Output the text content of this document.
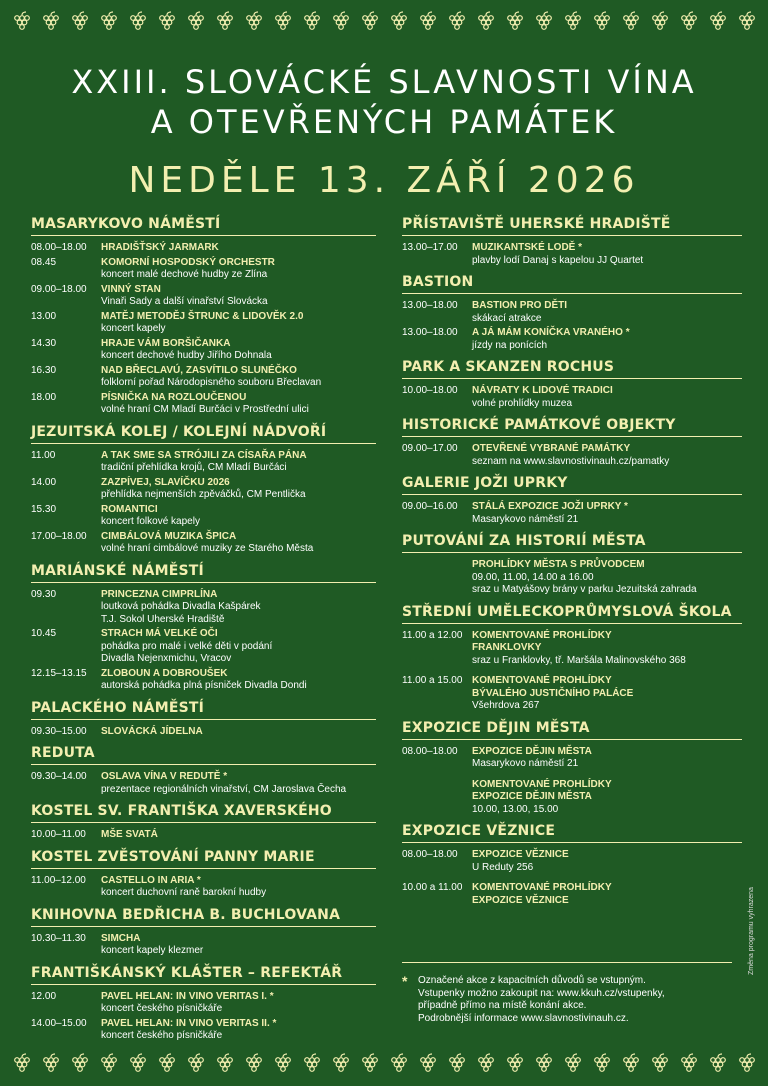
XXIII. SLOVÁCKÉ SLAVNOSTI VÍNA
A OTEVŘENÝCH PAMÁTEK
NEDĚLE 13. ZÁŘÍ 2026
MASARYKOVO NÁMĚSTÍ
08.00–18.00	HRADIŠŤSKÝ JARMARK
08.45	KOMORNÍ HOSPODSKÝ ORCHESTR
koncert malé dechové hudby ze Zlína
09.00–18.00	VINNÝ STAN
Vinaři Sady a další vinařství Slovácka
13.00	MATĚJ METODĚJ ŠTRUNC & LIDOVĚK 2.0
koncert kapely
14.30	HRAJE VÁM BORŠIČANKA
koncert dechové hudby Jiřího Dohnala
16.30	NAD BŘECLAVÚ, ZASVÍTILO SLUNÉČKO
folklorní pořad Národopisného souboru Břeclavan
18.00	PÍSNIČKA NA ROZLOUČENOU
volné hraní CM Mladí Burčáci v Prostřední ulici
JEZUITSKÁ KOLEJ / KOLEJNÍ NÁDVOŘÍ
11.00	A TAK SME SA STRÓJILI ZA CÍSAŘA PÁNA
tradiční přehlídka krojů, CM Mladí Burčáci
14.00	ZAZPÍVEJ, SLAVÍČKU 2026
přehlídka nejmenších zpěváčků, CM Pentlička
15.30	ROMANTICI
koncert folkové kapely
17.00–18.00	CIMBÁLOVÁ MUZIKA ŠPICA
volné hraní cimbálové muziky ze Starého Města
MARIÁNSKÉ NÁMĚSTÍ
09.30	PRINCEZNA CIMPRLÍNA
loutková pohádka Divadla Kašpárek
T.J. Sokol Uherské Hradiště
10.45	STRACH MÁ VELKÉ OČI
pohádka pro malé i velké děti v podání
Divadla Nejenxmichu, Vracov
12.15–13.15	ZLOBOUN A DOBROUŠEK
autorská pohádka plná písniček Divadla Dondi
PALACKÉHO NÁMĚSTÍ
09.30–15.00	SLOVÁCKÁ JÍDELNA
REDUTA
09.30–14.00	OSLAVA VÍNA V REDUTĚ *
prezentace regionálních vinařství, CM Jaroslava Čecha
KOSTEL SV. FRANTIŠKA XAVERSKÉHO
10.00–11.00	MŠE SVATÁ
KOSTEL ZVĚSTOVÁNÍ PANNY MARIE
11.00–12.00	CASTELLO IN ARIA *
koncert duchovní raně barokní hudby
KNIHOVNA BEDŘICHA B. BUCHLOVANA
10.30–11.30	SIMCHA
koncert kapely klezmer
FRANTIŠKÁNSKÝ KLÁŠTER – REFEKTÁŘ
12.00	PAVEL HELAN: IN VINO VERITAS I. *
koncert českého písničkáře
14.00–15.00	PAVEL HELAN: IN VINO VERITAS II. *
koncert českého písničkáře
PŘÍSTAVIŠTĚ UHERSKÉ HRADIŠTĚ
13.00–17.00	MUZIKANTSKÉ LODĚ *
plavby lodí Danaj s kapelou JJ Quartet
BASTION
13.00–18.00	BASTION PRO DĚTI
skákací atrakce
13.00–18.00	A JÁ MÁM KONÍČKA VRANÉHO *
jízdy na ponících
PARK A SKANZEN ROCHUS
10.00–18.00	NÁVRATY K LIDOVÉ TRADICI
volné prohlídky muzea
HISTORICKÉ PAMÁTKOVÉ OBJEKTY
09.00–17.00	OTEVŘENÉ VYBRANÉ PAMÁTKY
seznam na www.slavnostivinauh.cz/pamatky
GALERIE JOŽI UPRKY
09.00–16.00	STÁLÁ EXPOZICE JOŽI UPRKY *
Masarykovo náměstí 21
PUTOVÁNÍ ZA HISTORIÍ MĚSTA
PROHLÍDKY MĚSTA S PRŮVODCEM
09.00, 11.00, 14.00 a 16.00
sraz u Matyášovy brány v parku Jezuitská zahrada
STŘEDNÍ UMĚLECKOPRŮMYSLOVÁ ŠKOLA
11.00 a 12.00 KOMENTOVANÉ PROHLÍDKY
FRANKLOVKY
sraz u Franklovky, tř. Maršála Malinovského 368
11.00 a 15.00 KOMENTOVANÉ PROHLÍDKY
BÝVALÉHO JUSTIČNÍHO PALÁCE
Všehrdova 267
EXPOZICE DĚJIN MĚSTA
08.00–18.00	EXPOZICE DĚJIN MĚSTA
Masarykovo náměstí 21
KOMENTOVANÉ PROHLÍDKY
EXPOZICE DĚJIN MĚSTA
10.00, 13.00, 15.00
EXPOZICE VĚZNICE
08.00–18.00	EXPOZICE VĚZNICE
U Reduty 256
10.00 a 11.00 KOMENTOVANÉ PROHLÍDKY
EXPOZICE VĚZNICE
*	Označené akce z kapacitních důvodů se vstupným.
Vstupenky možno zakoupit na: www.kkuh.cz/vstupenky,
případně přímo na místě konání akce.
Podrobnější informace www.slavnostivinauh.cz.
Změna programu vyhrazena
